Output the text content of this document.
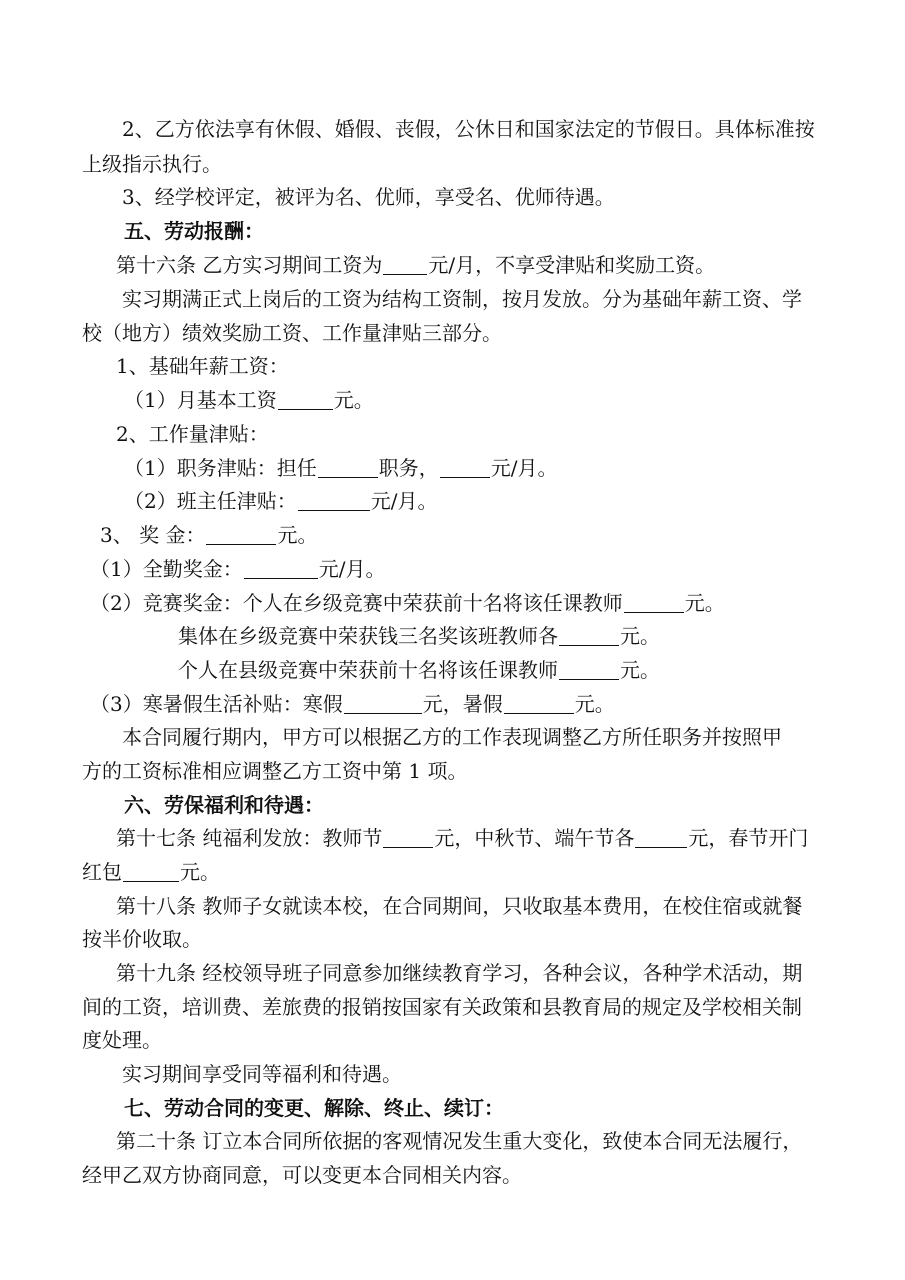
2、乙方依法享有休假、婚假、丧假，公休日和国家法定的节假日。具体标准按
上级指示执行。
3、经学校评定，被评为名、优师，享受名、优师待遇。
五、劳动报酬：
第十六条 乙方实习期间工资为 元/月，不享受津贴和奖励工资。
实习期满正式上岗后的工资为结构工资制，按月发放。分为基础年薪工资、学
校（地方）绩效奖励工资、工作量津贴三部分。
1、基础年薪工资：
（1）月基本工资	元。
2、工作量津贴：
（1）职务津贴：担任	职务，	元/月。
（2）班主任津贴：	元/月。
3、 奖 金：	元。
（1）全勤奖金：	元/月。
（2）竞赛奖金：个人在乡级竞赛中荣获前十名将该任课教师	元。
集体在乡级竞赛中荣获钱三名奖该班教师各	元。
个人在县级竞赛中荣获前十名将该任课教师	元。
（3）寒暑假生活补贴：寒假	元，暑假	元。
本合同履行期内，甲方可以根据乙方的工作表现调整乙方所任职务并按照甲
方的工资标准相应调整乙方工资中第 1 项。
六、劳保福利和待遇：
第十七条 纯福利发放：教师节	元，中秋节、端午节各	元，春节开门
红包	元。
第十八条 教师子女就读本校，在合同期间，只收取基本费用，在校住宿或就餐
按半价收取。
第十九条 经校领导班子同意参加继续教育学习，各种会议，各种学术活动，期
间的工资，培训费、差旅费的报销按国家有关政策和县教育局的规定及学校相关制
度处理。
实习期间享受同等福利和待遇。
七、劳动合同的变更、解除、终止、续订：
第二十条 订立本合同所依据的客观情况发生重大变化，致使本合同无法履行，
经甲乙双方协商同意，可以变更本合同相关内容。
